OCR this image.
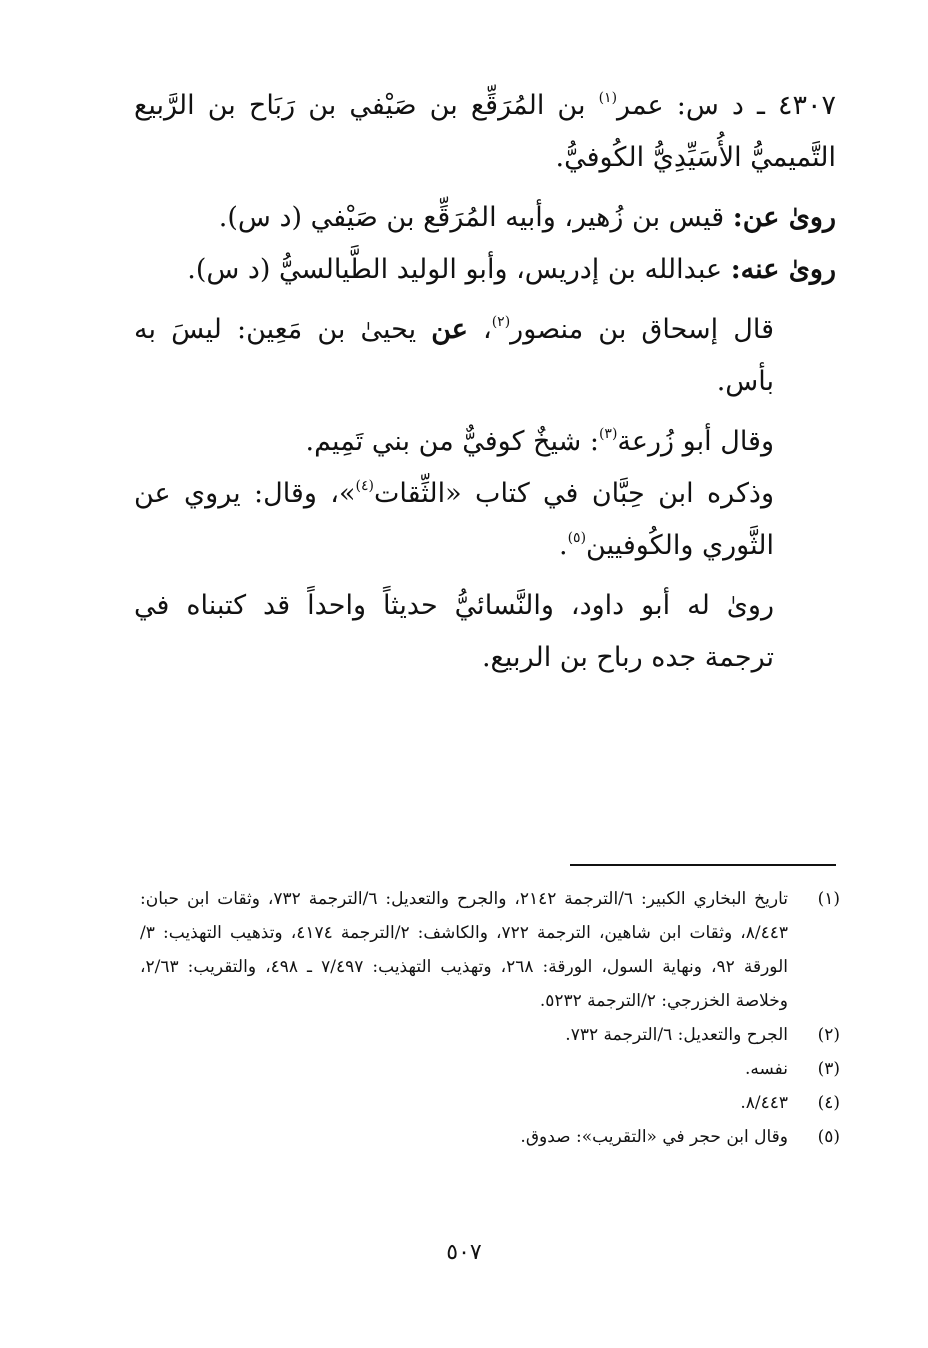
٤٣٠٧ ـ د س: عمر$^{(١)}$ بن المُرَقِّع بن صَيْفي بن رَبَاح بن الرَّبيع التَّميميُّ الأُسَيِّدِيُّ الكُوفيُّ.

روىٰ عن: قيس بن زُهير، وأبيه المُرَقِّع بن صَيْفي (د س).

روىٰ عنه: عبدالله بن إدريس، وأبو الوليد الطَّيالسيُّ (د س).

قال إسحاق بن منصور$^{(٢)}$، عن يحيىٰ بن مَعِين: ليسَ به بأس.

وقال أبو زُرعة$^{(٣)}$: شيخٌ كوفيٌّ من بني تَمِيم.

وذكره ابن حِبَّان في كتاب «الثِّقات$^{(٤)}$»، وقال: يروي عن الثَّوري والكُوفيين$^{(٥)}$.

روىٰ له أبو داود، والنَّسائيُّ حديثاً واحداً قد كتبناه في ترجمة جده رباح بن الربيع.

(١)
تاريخ البخاري الكبير: ٦/الترجمة ٢١٤٢، والجرح والتعديل: ٦/الترجمة ٧٣٢، وثقات ابن حبان: ٨/٤٤٣، وثقات ابن شاهين، الترجمة ٧٢٢، والكاشف: ٢/الترجمة ٤١٧٤، وتذهيب التهذيب: ٣/الورقة ٩٢، ونهاية السول، الورقة: ٢٦٨، وتهذيب التهذيب: ٧/٤٩٧ ـ ٤٩٨، والتقريب: ٢/٦٣، وخلاصة الخزرجي: ٢/الترجمة ٥٢٣٢.
(٢)
الجرح والتعديل: ٦/الترجمة ٧٣٢.
(٣)
نفسه.
(٤)
٨/٤٤٣.
(٥)
وقال ابن حجر في «التقريب»: صدوق.
٥٠٧
